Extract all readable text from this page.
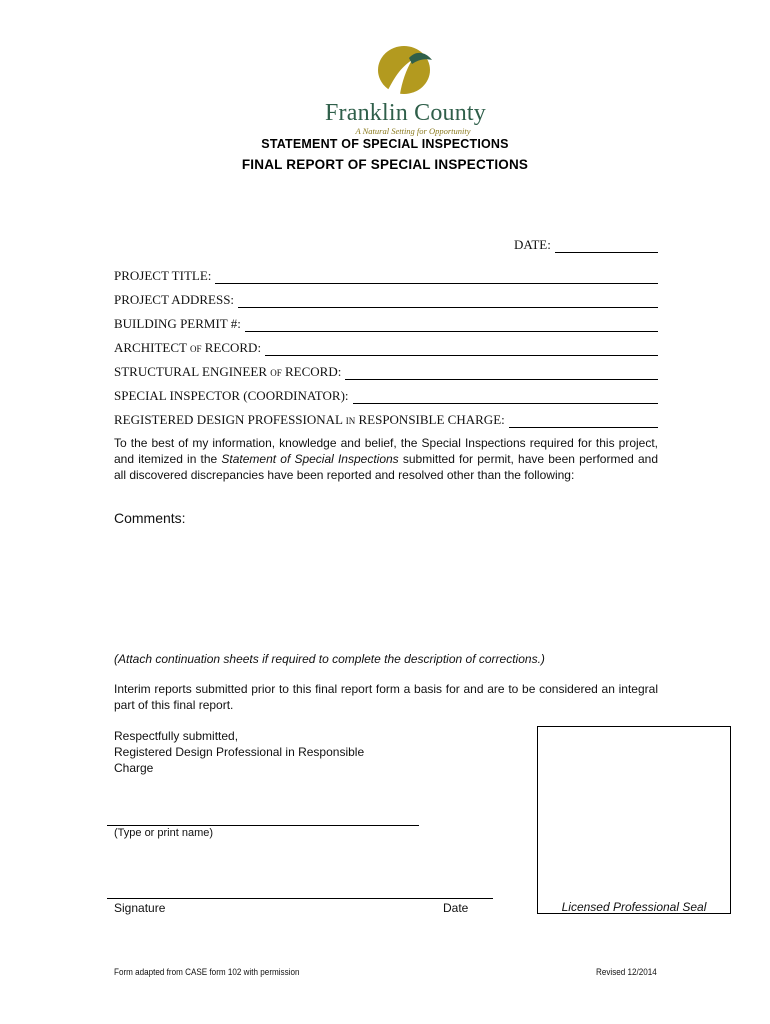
Franklin County
A Natural Setting for Opportunity
STATEMENT OF SPECIAL INSPECTIONS
FINAL REPORT OF SPECIAL INSPECTIONS
DATE:
PROJECT TITLE:
PROJECT ADDRESS:
BUILDING PERMIT #:
ARCHITECT of RECORD:
STRUCTURAL ENGINEER of RECORD:
SPECIAL INSPECTOR (COORDINATOR):
REGISTERED DESIGN PROFESSIONAL in RESPONSIBLE CHARGE:
To the best of my information, knowledge and belief, the Special Inspections required for this project, and itemized in the Statement of Special Inspections submitted for permit, have been performed and all discovered discrepancies have been reported and resolved other than the following:
Comments:
(Attach continuation sheets if required to complete the description of corrections.)
Interim reports submitted prior to this final report form a basis for and are to be considered an integral part of this final report.
Respectfully submitted,
Registered Design Professional in Responsible
Charge
(Type or print name)
Signature	Date	Licensed Professional Seal
Form adapted from CASE form 102 with permission	Revised 12/2014
